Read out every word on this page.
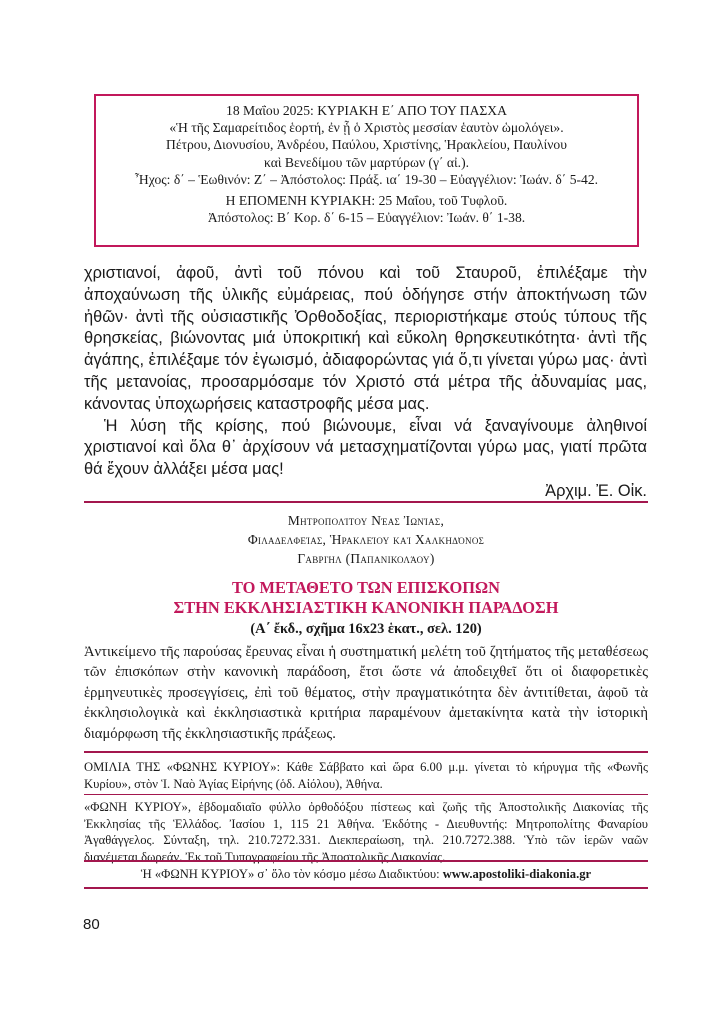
18 Μαΐου 2025: ΚΥΡΙΑΚΗ Ε΄ ΑΠΟ ΤΟΥ ΠΑΣΧΑ
«Ἡ τῆς Σαμαρείτιδος ἑορτή, ἐν ᾗ ὁ Χριστὸς μεσσίαν ἑαυτὸν ὡμολόγει».
Πέτρου, Διονυσίου, Ἀνδρέου, Παύλου, Χριστίνης, Ἡρακλείου, Παυλίνου
καὶ Βενεδίμου τῶν μαρτύρων (γ΄ αἰ.).
Ἦχος: δ΄ – Ἑωθινόν: Ζ΄ – Ἀπόστολος: Πράξ. ια΄ 19-30 – Εὐαγγέλιον: Ἰωάν. δ΄ 5-42.
Η ΕΠΟΜΕΝΗ ΚΥΡΙΑΚΗ: 25 Μαΐου, τοῦ Τυφλοῦ.
Ἀπόστολος: Β΄ Κορ. δ΄ 6-15 – Εὐαγγέλιον: Ἰωάν. θ΄ 1-38.

χριστιανοί, ἀφοῦ, ἀντὶ τοῦ πόνου καὶ τοῦ Σταυροῦ, ἐπιλέξαμε τὴν ἀποχαύνωση τῆς ὑλικῆς εὐμάρειας, πού ὁδήγησε στήν ἀποκτήνωση τῶν ἠθῶν· ἀντὶ τῆς οὐσιαστικῆς Ὀρθοδοξίας, περιοριστήκαμε στούς τύπους τῆς θρησκείας, βιώνοντας μιά ὑποκριτική καὶ εὔκολη θρησκευτικότητα· ἀντὶ τῆς ἀγάπης, ἐπιλέξαμε τόν ἐγωισμό, ἀδιαφορώντας γιά ὅ,τι γίνεται γύρω μας· ἀντὶ τῆς μετανοίας, προσαρμόσαμε τόν Χριστό στά μέτρα τῆς ἀδυναμίας μας, κάνοντας ὑποχωρήσεις καταστροφῆς μέσα μας.

Ἡ λύση τῆς κρίσης, πού βιώνουμε, εἶναι νά ξαναγίνουμε ἀληθινοί χριστιανοί καὶ ὅλα θ᾽ ἀρχίσουν νά μετασχηματίζονται γύρω μας, γιατί πρῶτα θά ἔχουν ἀλλάξει μέσα μας!

Ἀρχιμ. Ἐ. Οἰκ.

Μητροπολίτου Νέας Ἰωνίας,
Φιλαδελφείας, Ἡρακλείου καὶ Χαλκηδόνος
Γαβριὴλ (Παπανικολάου)
ΤΟ ΜΕΤΑΘΕΤΟ ΤΩΝ ΕΠΙΣΚΟΠΩΝ
ΣΤΗΝ ΕΚΚΛΗΣΙΑΣΤΙΚΗ ΚΑΝΟΝΙΚΗ ΠΑΡΑΔΟΣΗ
(Α΄ ἔκδ., σχῆμα 16x23 ἑκατ., σελ. 120)
Ἀντικείμενο τῆς παρούσας ἔρευνας εἶναι ἡ συστηματική μελέτη τοῦ ζητήματος τῆς μεταθέσεως τῶν ἐπισκόπων στὴν κανονικὴ παράδοση, ἔτσι ὥστε νά ἀποδειχθεῖ ὅτι οἱ διαφορετικὲς ἑρμηνευτικὲς προσεγγίσεις, ἐπὶ τοῦ θέματος, στὴν πραγματικότητα δὲν ἀντιτίθεται, ἀφοῦ τὰ ἐκκλησιολογικὰ καὶ ἐκκλησιαστικὰ κριτήρια παραμένουν ἀμετακίνητα κατὰ τὴν ἱστορικὴ διαμόρφωση τῆς ἐκκλησιαστικῆς πράξεως.
ΟΜΙΛΙΑ ΤΗΣ «ΦΩΝΗΣ ΚΥΡΙΟΥ»: Κάθε Σάββατο καὶ ὥρα 6.00 μ.μ. γίνεται τὸ κήρυγμα τῆς «Φωνῆς Κυρίου», στὸν Ἱ. Ναὸ Ἁγίας Εἰρήνης (ὁδ. Αἰόλου), Ἀθήνα.
«ΦΩΝΗ ΚΥΡΙΟΥ», ἑβδομαδιαῖο φύλλο ὀρθοδόξου πίστεως καὶ ζωῆς τῆς Ἀποστολικῆς Διακονίας τῆς Ἐκκλησίας τῆς Ἑλλάδος. Ἰασίου 1, 115 21 Ἀθήνα. Ἐκδότης - Διευθυντής: Μητροπολίτης Φαναρίου Ἀγαθάγγελος. Σύνταξη, τηλ. 210.7272.331. Διεκπεραίωση, τηλ. 210.7272.388. Ὑπὸ τῶν ἱερῶν ναῶν διανέμεται δωρεάν. Ἐκ τοῦ Τυπογραφείου τῆς Ἀποστολικῆς Διακονίας.
Ἡ «ΦΩΝΗ ΚΥΡΙΟΥ» σ᾽ ὅλο τὸν κόσμο μέσω Διαδικτύου: www.apostoliki-diakonia.gr
80
